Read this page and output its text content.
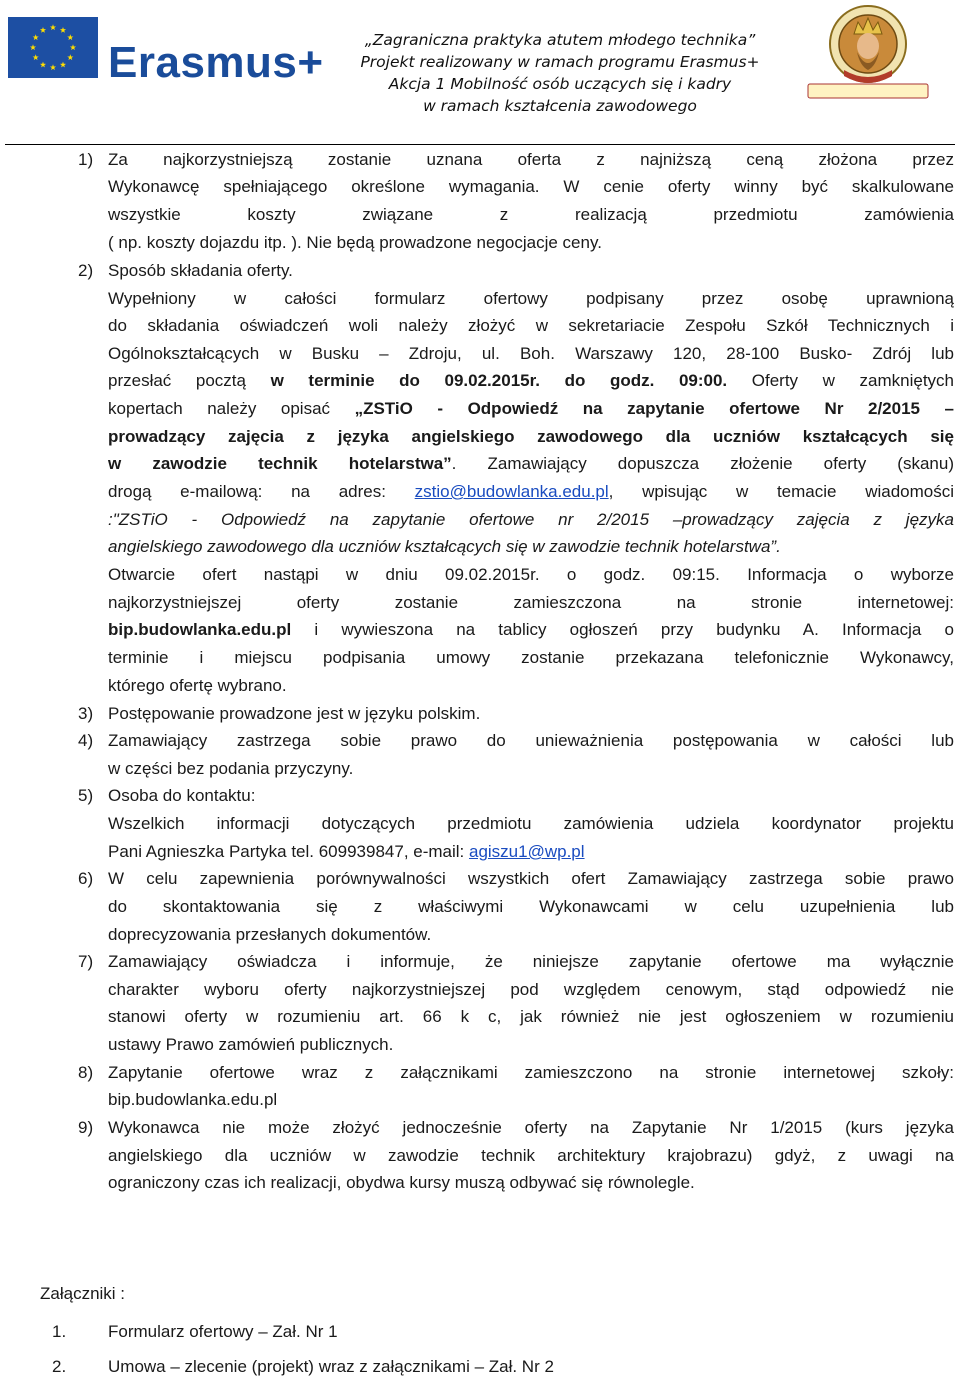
Erasmus+	„Zagraniczna praktyka atutem młodego technika”
Projekt realizowany w ramach programu Erasmus+
Akcja 1 Mobilność osób uczących się i kadry
w ramach kształcenia zawodowego
1) Za najkorzystniejszą zostanie uznana oferta z najniższą ceną złożona przez
Wykonawcę spełniającego określone wymagania. W cenie oferty winny być skalkulowane
wszystkie koszty związane z realizacją przedmiotu zamówienia
( np. koszty dojazdu itp. ). Nie będą prowadzone negocjacje ceny.
2) Sposób składania oferty.
Wypełniony w całości formularz ofertowy podpisany przez osobę uprawnioną
do składania oświadczeń woli należy złożyć w sekretariacie Zespołu Szkół Technicznych i
Ogólnokształcących w Busku – Zdroju, ul. Boh. Warszawy 120, 28-100 Busko- Zdrój lub
przesłać pocztą w terminie do 09.02.2015r. do godz. 09:00. Oferty w zamkniętych
kopertach należy opisać „ZSTiO - Odpowiedź na zapytanie ofertowe Nr 2/2015 –
prowadzący zajęcia z języka angielskiego zawodowego dla uczniów kształcących się
w zawodzie technik hotelarstwa”. Zamawiający dopuszcza złożenie oferty (skanu)
drogą e-mailową: na adres: zstio@budowlanka.edu.pl, wpisując w temacie wiadomości
:"ZSTiO - Odpowiedź na zapytanie ofertowe nr 2/2015 –prowadzący zajęcia z języka
angielskiego zawodowego dla uczniów kształcących się w zawodzie technik hotelarstwa”.
Otwarcie ofert nastąpi w dniu 09.02.2015r. o godz. 09:15. Informacja o wyborze
najkorzystniejszej oferty zostanie zamieszczona na stronie internetowej:
bip.budowlanka.edu.pl i wywieszona na tablicy ogłoszeń przy budynku A. Informacja o
terminie i miejscu podpisania umowy zostanie przekazana telefonicznie Wykonawcy,
którego ofertę wybrano.
3) Postępowanie prowadzone jest w języku polskim.
4) Zamawiający zastrzega sobie prawo do unieważnienia postępowania w całości lub
w części bez podania przyczyny.
5) Osoba do kontaktu:
Wszelkich informacji dotyczących przedmiotu zamówienia udziela koordynator projektu
Pani Agnieszka Partyka tel. 609939847, e-mail: agiszu1@wp.pl
6) W celu zapewnienia porównywalności wszystkich ofert Zamawiający zastrzega sobie prawo
do skontaktowania się z właściwymi Wykonawcami w celu uzupełnienia lub
doprecyzowania przesłanych dokumentów.
7) Zamawiający oświadcza i informuje, że niniejsze zapytanie ofertowe ma wyłącznie
charakter wyboru oferty najkorzystniejszej pod względem cenowym, stąd odpowiedź nie
stanowi oferty w rozumieniu art. 66 k c, jak również nie jest ogłoszeniem w rozumieniu
ustawy Prawo zamówień publicznych.
8) Zapytanie ofertowe wraz z załącznikami zamieszczono na stronie internetowej szkoły:
bip.budowlanka.edu.pl
9) Wykonawca nie może złożyć jednocześnie oferty na Zapytanie Nr 1/2015 (kurs języka
angielskiego dla uczniów w zawodzie technik architektury krajobrazu) gdyż, z uwagi na
ograniczony czas ich realizacji, obydwa kursy muszą odbywać się równolegle.
Załączniki :
1. Formularz ofertowy – Zał. Nr 1
2. Umowa – zlecenie (projekt) wraz z załącznikami – Zał. Nr 2
